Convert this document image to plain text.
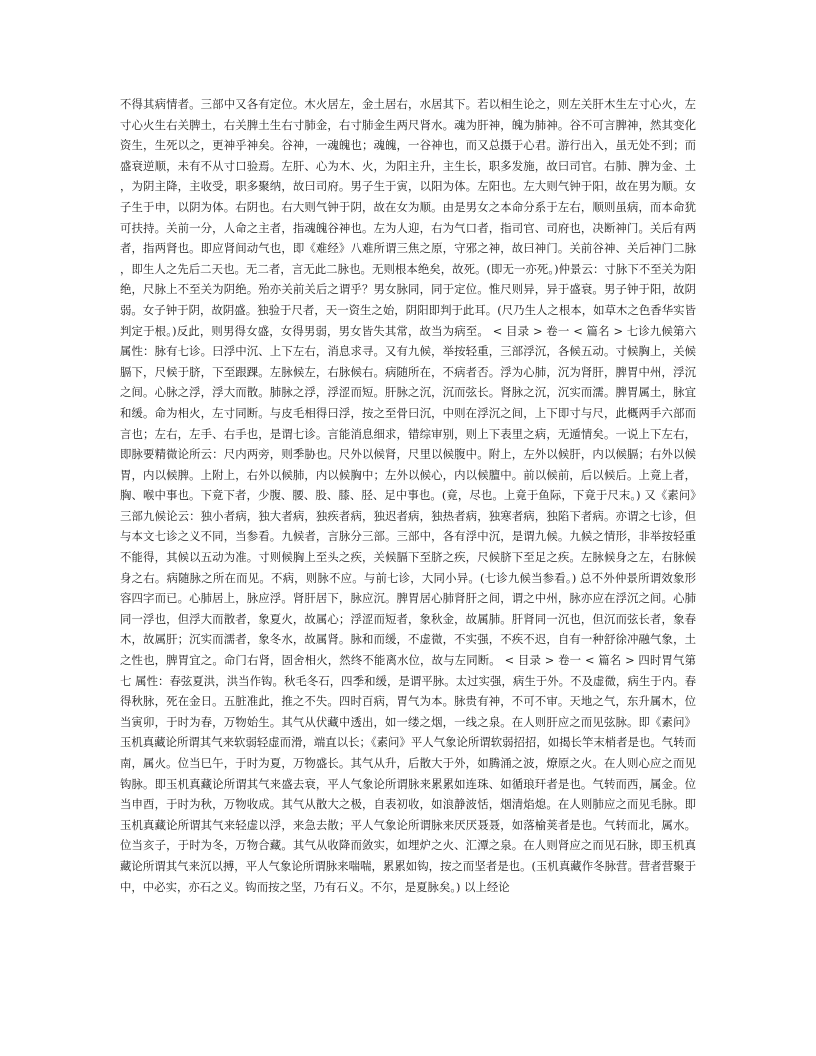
不得其病情者。三部中又各有定位。木火居左，金土居右，水居其下。若以相生论之，则左关肝木生左寸心火，左寸心火生右关脾土，右关脾土生右寸肺金，右寸肺金生两尺肾水。魂为肝神，魄为肺神。谷不可言脾神，然其变化资生，生死以之，更神乎神矣。谷神，一魂魄也；魂魄，一谷神也，而又总摄于心君。游行出入，虽无处不到；而盛衰逆顺，未有不从寸口验焉。左肝、心为木、火，为阳主升，主生长，职多发施，故曰司官。右肺、脾为金、土，为阴主降，主收受，职多聚纳，故曰司府。男子生于寅，以阳为体。左阳也。左大则气钟于阳，故在男为顺。女子生于申，以阴为体。右阴也。右大则气钟于阴，故在女为顺。由是男女之本命分系于左右，顺则虽病，而本命犹可扶持。关前一分，人命之主者，指魂魄谷神也。左为人迎，右为气口者，指司官、司府也，决断神门。关后有两者，指两肾也。即应肾间动气也，即《难经》八难所谓三焦之原，守邪之神，故曰神门。关前谷神、关后神门二脉，即生人之先后二天也。无二者，言无此二脉也。无则根本绝矣，故死。(即无一亦死。)仲景云：寸脉下不至关为阳绝，尺脉上不至关为阴绝。殆亦关前关后之谓乎？男女脉同，同于定位。惟尺则异，异于盛衰。男子钟于阳，故阴弱。女子钟于阴，故阴盛。独验于尺者，天一资生之始，阴阳即判于此耳。(尺乃生人之根本，如草木之色香华实皆判定于根。)反此，则男得女盛，女得男弱，男女皆失其常，故当为病至。 < 目录 > 卷一 < 篇名 > 七诊九候第六 属性：脉有七诊。曰浮中沉、上下左右，消息求寻。又有九候，举按轻重，三部浮沉，各候五动。寸候胸上，关候膈下，尺候于脐，下至跟踝。左脉候左，右脉候右。病随所在，不病者否。浮为心肺，沉为肾肝，脾胃中州，浮沉之间。心脉之浮，浮大而散。肺脉之浮，浮涩而短。肝脉之沉，沉而弦长。肾脉之沉，沉实而濡。脾胃属土，脉宜和缓。命为相火，左寸同断。与皮毛相得曰浮，按之至骨曰沉，中则在浮沉之间，上下即寸与尺，此概两手六部而言也；左右，左手、右手也，是谓七诊。言能消息细求，错综审别，则上下表里之病，无遁情矣。一说上下左右，即脉要精微论所云：尺内两旁，则季胁也。尺外以候肾，尺里以候腹中。附上，左外以候肝，内以候膈；右外以候胃，内以候脾。上附上，右外以候肺，内以候胸中；左外以候心，内以候膻中。前以候前，后以候后。上竟上者，胸、喉中事也。下竟下者，少腹、腰、股、膝、胫、足中事也。(竟，尽也。上竟于鱼际，下竟于尺末。) 又《素问》三部九候论云：独小者病，独大者病，独疾者病，独迟者病，独热者病，独寒者病，独陷下者病。亦谓之七诊，但与本文七诊之义不同，当参看。九候者，言脉分三部。三部中，各有浮中沉，是谓九候。九候之情形，非举按轻重不能得，其候以五动为准。寸则候胸上至头之疾，关候膈下至脐之疾，尺候脐下至足之疾。左脉候身之左，右脉候身之右。病随脉之所在而见。不病，则脉不应。与前七诊，大同小异。(七诊九候当参看。) 总不外仲景所谓效象形容四字而已。心肺居上，脉应浮。肾肝居下，脉应沉。脾胃居心肺肾肝之间，谓之中州，脉亦应在浮沉之间。心肺同一浮也，但浮大而散者，象夏火，故属心；浮涩而短者，象秋金，故属肺。肝肾同一沉也，但沉而弦长者，象春木，故属肝；沉实而濡者，象冬水，故属肾。脉和而缓，不虚微，不实强，不疾不迟，自有一种舒徐冲融气象，土之性也，脾胃宜之。命门右肾，固舍相火，然终不能离水位，故与左同断。 < 目录 > 卷一 < 篇名 > 四时胃气第七 属性：春弦夏洪，洪当作钩。秋毛冬石，四季和缓，是谓平脉。太过实强，病生于外。不及虚微，病生于内。春得秋脉，死在金日。五脏准此，推之不失。四时百病，胃气为本。脉贵有神，不可不审。天地之气，东升属木，位当寅卯，于时为春，万物始生。其气从伏藏中透出，如一缕之烟，一线之泉。在人则肝应之而见弦脉。即《素问》玉机真藏论所谓其气来软弱轻虚而滑，端直以长；《素问》平人气象论所谓软弱招招，如揭长竿末梢者是也。气转而南，属火。位当巳午，于时为夏，万物盛长。其气从升，后散大于外，如腾涌之波，燎原之火。在人则心应之而见钩脉。即玉机真藏论所谓其气来盛去衰，平人气象论所谓脉来累累如连珠、如循琅玕者是也。气转而西，属金。位当申酉，于时为秋，万物收成。其气从散大之极，自表初收，如浪静波恬，烟清焰熄。在人则肺应之而见毛脉。即玉机真藏论所谓其气来轻虚以浮，来急去散；平人气象论所谓脉来厌厌聂聂，如落榆荚者是也。气转而北，属水。位当亥子，于时为冬，万物合藏。其气从收降而敛实，如埋炉之火、汇潭之泉。在人则肾应之而见石脉，即玉机真藏论所谓其气来沉以搏，平人气象论所谓脉来喘喘，累累如钩，按之而坚者是也。(玉机真藏作冬脉营。营者营聚于中，中必实，亦石之义。钩而按之坚，乃有石义。不尔，是夏脉矣。) 以上经论
